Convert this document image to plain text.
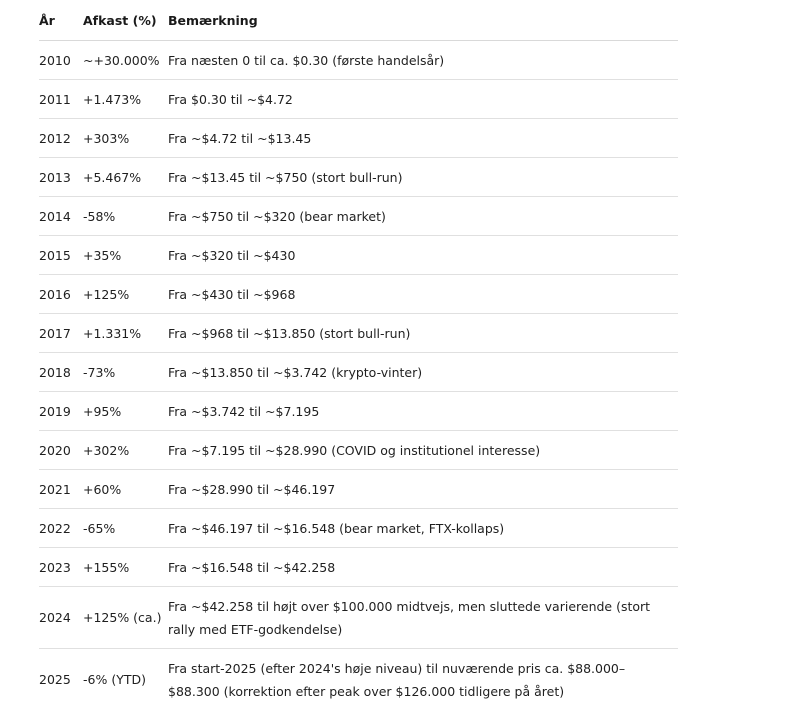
År	Afkast (%)	Bemærkning
2010	~+30.000%	Fra næsten 0 til ca. $0.30 (første handelsår)
2011	+1.473%	Fra $0.30 til ~$4.72
2012	+303%	Fra ~$4.72 til ~$13.45
2013	+5.467%	Fra ~$13.45 til ~$750 (stort bull-run)
2014	-58%	Fra ~$750 til ~$320 (bear market)
2015	+35%	Fra ~$320 til ~$430
2016	+125%	Fra ~$430 til ~$968
2017	+1.331%	Fra ~$968 til ~$13.850 (stort bull-run)
2018	-73%	Fra ~$13.850 til ~$3.742 (krypto-vinter)
2019	+95%	Fra ~$3.742 til ~$7.195
2020	+302%	Fra ~$7.195 til ~$28.990 (COVID og institutionel interesse)
2021	+60%	Fra ~$28.990 til ~$46.197
2022	-65%	Fra ~$46.197 til ~$16.548 (bear market, FTX-kollaps)
2023	+155%	Fra ~$16.548 til ~$42.258
2024	+125% (ca.)	Fra ~$42.258 til højt over $100.000 midtvejs, men sluttede varierende (stort rally med ETF-godkendelse)
2025	-6% (YTD)	Fra start-2025 (efter 2024's høje niveau) til nuværende pris ca. $88.000–$88.300 (korrektion efter peak over $126.000 tidligere på året)
